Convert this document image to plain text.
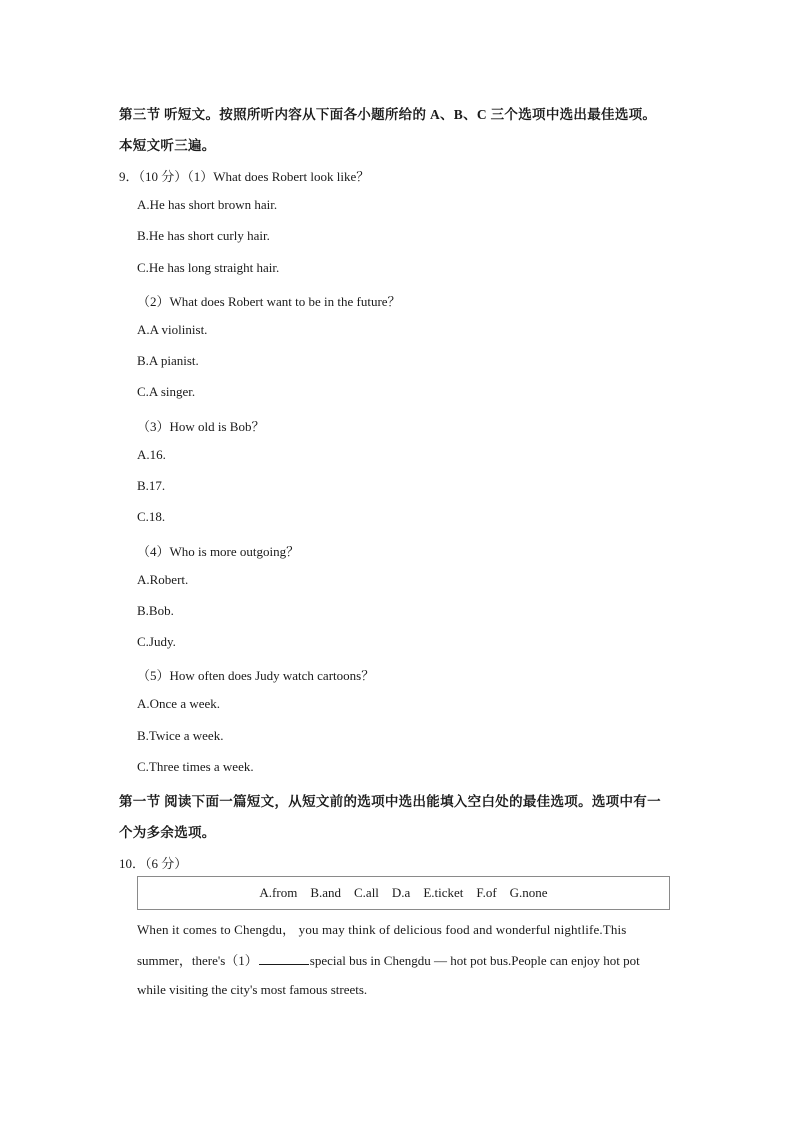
第三节 听短文。按照所听内容从下面各小题所给的 A、B、C 三个选项中选出最佳选项。
本短文听三遍。
9．（10 分）（1）What does Robert look like？
A.He has short brown hair.
B.He has short curly hair.
C.He has long straight hair.
（2）What does Robert want to be in the future？
A.A violinist.
B.A pianist.
C.A singer.
（3）How old is Bob？
A.16.
B.17.
C.18.
（4）Who is more outgoing？
A.Robert.
B.Bob.
C.Judy.
（5）How often does Judy watch cartoons？
A.Once a week.
B.Twice a week.
C.Three times a week.
第一节 阅读下面一篇短文，从短文前的选项中选出能填入空白处的最佳选项。选项中有一
个为多余选项。
10．（6 分）
A.from    B.and    C.all    D.a    E.ticket    F.of    G.none
When it comes to Chengdu， you may think of delicious food and wonderful nightlife.This
summer，there's（1）	special bus in Chengdu — hot pot bus.People can enjoy hot pot
while visiting the city's most famous streets.
